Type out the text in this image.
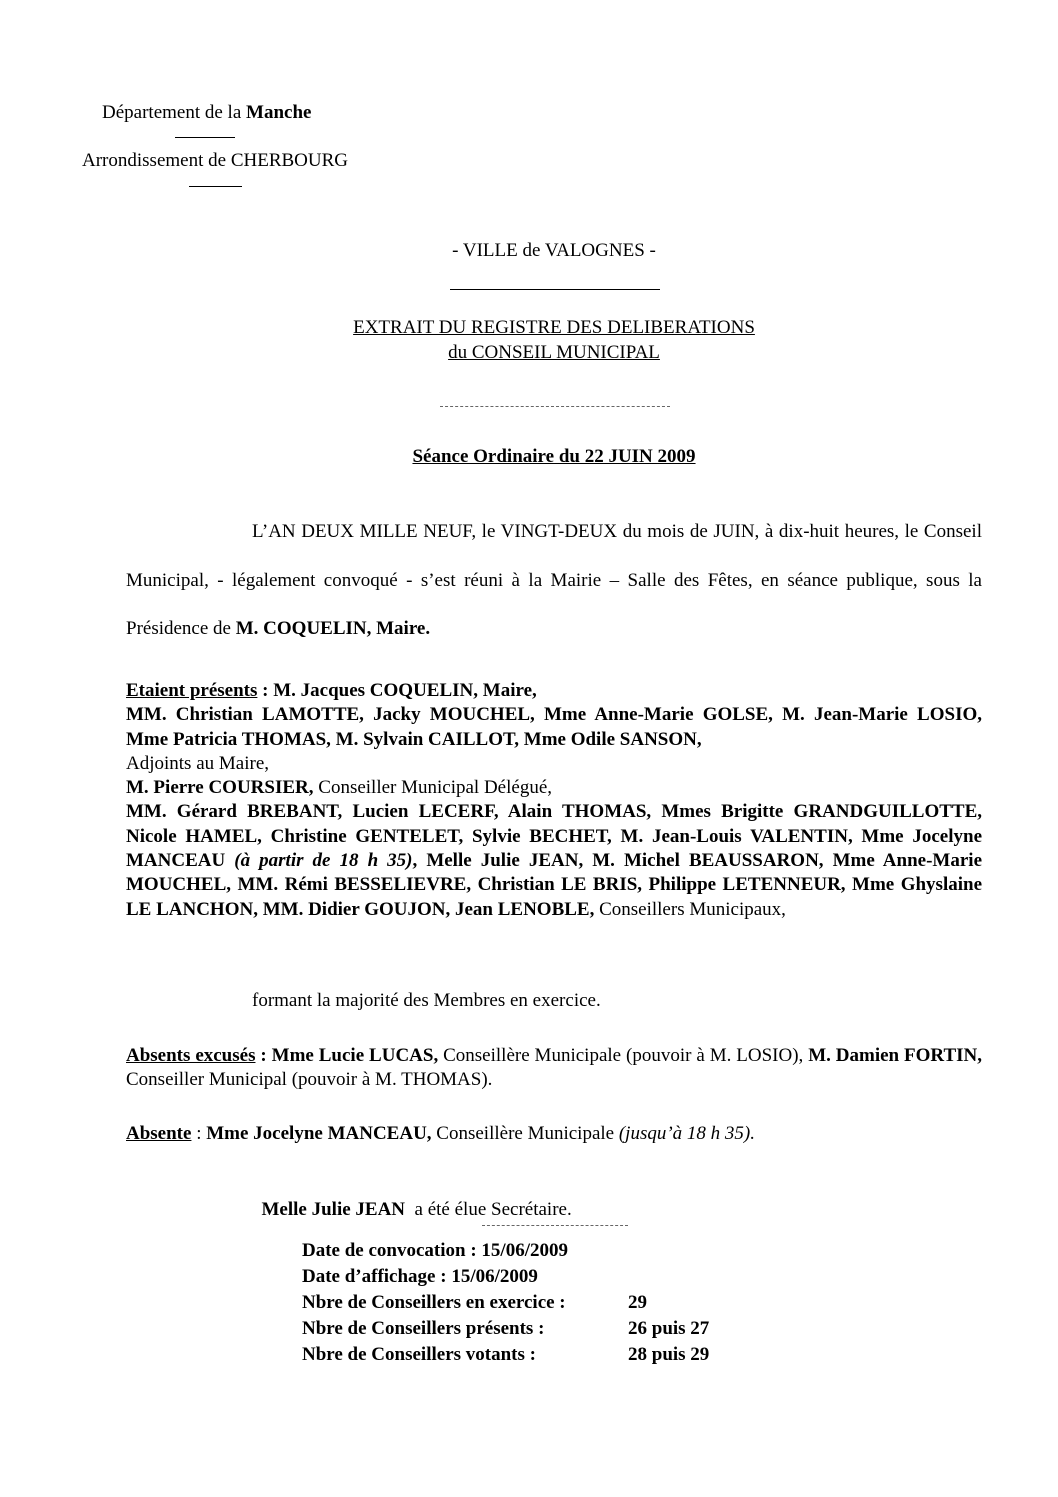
Département de la Manche
Arrondissement de CHERBOURG
- VILLE de VALOGNES -
EXTRAIT DU REGISTRE DES DELIBERATIONS
du CONSEIL MUNICIPAL
Séance Ordinaire du 22 JUIN 2009
L’AN DEUX MILLE NEUF, le VINGT-DEUX du mois de JUIN, à dix-huit heures, le Conseil Municipal, - légalement convoqué - s’est réuni à la Mairie – Salle des Fêtes, en séance publique, sous la Présidence de M. COQUELIN, Maire.
Etaient présents : M. Jacques COQUELIN, Maire,
MM. Christian LAMOTTE, Jacky MOUCHEL, Mme Anne-Marie GOLSE, M. Jean-Marie LOSIO, Mme Patricia THOMAS, M. Sylvain CAILLOT, Mme Odile SANSON,
Adjoints au Maire,
M. Pierre COURSIER, Conseiller Municipal Délégué,
MM. Gérard BREBANT, Lucien LECERF, Alain THOMAS, Mmes Brigitte GRANDGUILLOTTE, Nicole HAMEL, Christine GENTELET, Sylvie BECHET, M. Jean-Louis VALENTIN, Mme Jocelyne MANCEAU (à partir de 18 h 35), Melle Julie JEAN, M. Michel BEAUSSARON, Mme Anne-Marie MOUCHEL, MM. Rémi BESSELIEVRE, Christian LE BRIS, Philippe LETENNEUR, Mme Ghyslaine LE LANCHON, MM. Didier GOUJON, Jean LENOBLE, Conseillers Municipaux,
formant la majorité des Membres en exercice.
Absents excusés : Mme Lucie LUCAS, Conseillère Municipale (pouvoir à M. LOSIO), M. Damien FORTIN, Conseiller Municipal (pouvoir à M. THOMAS).
Absente : Mme Jocelyne MANCEAU, Conseillère Municipale (jusqu’à 18 h 35).

Melle Julie JEAN  a été élue Secrétaire.

Date de convocation : 15/06/2009
Date d’affichage : 15/06/2009
Nbre de Conseillers en exercice :	29
Nbre de Conseillers présents :	26 puis 27
Nbre de Conseillers votants :	28 puis 29
